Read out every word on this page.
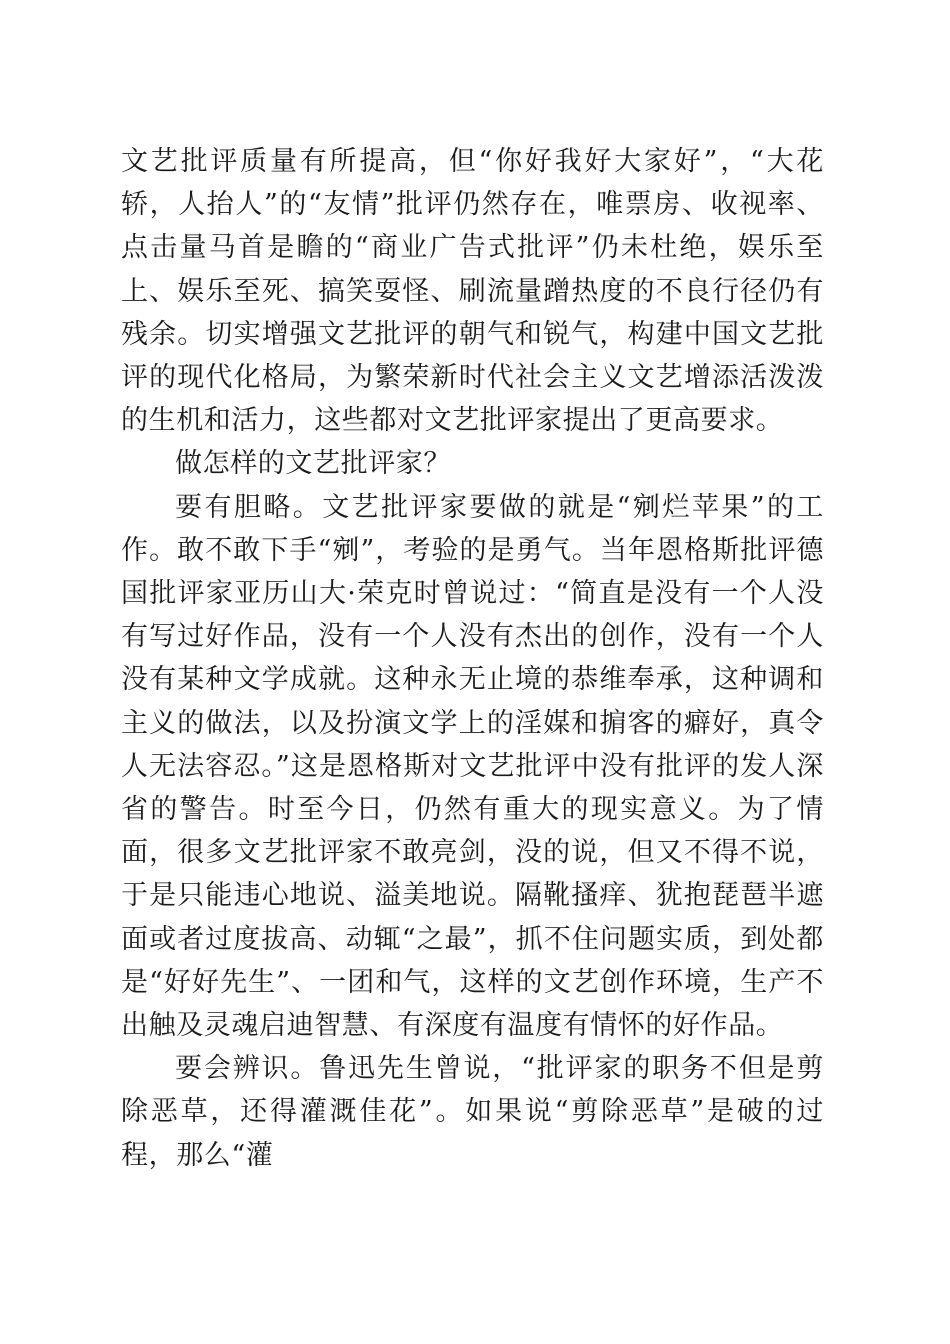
文艺批评质量有所提高，但“你好我好大家好”，“大花轿，人抬人”的“友情”批评仍然存在，唯票房、收视率、点击量马首是瞻的“商业广告式批评”仍未杜绝，娱乐至上、娱乐至死、搞笑耍怪、刷流量蹭热度的不良行径仍有残余。切实增强文艺批评的朝气和锐气，构建中国文艺批评的现代化格局，为繁荣新时代社会主义文艺增添活泼泼的生机和活力，这些都对文艺批评家提出了更高要求。

做怎样的文艺批评家？

要有胆略。文艺批评家要做的就是“剜烂苹果”的工作。敢不敢下手“剜”，考验的是勇气。当年恩格斯批评德国批评家亚历山大·荣克时曾说过：“简直是没有一个人没有写过好作品，没有一个人没有杰出的创作，没有一个人没有某种文学成就。这种永无止境的恭维奉承，这种调和主义的做法，以及扮演文学上的淫媒和掮客的癖好，真令人无法容忍。”这是恩格斯对文艺批评中没有批评的发人深省的警告。时至今日，仍然有重大的现实意义。为了情面，很多文艺批评家不敢亮剑，没的说，但又不得不说，于是只能违心地说、溢美地说。隔靴搔痒、犹抱琵琶半遮面或者过度拔高、动辄“之最”，抓不住问题实质，到处都是“好好先生”、一团和气，这样的文艺创作环境，生产不出触及灵魂启迪智慧、有深度有温度有情怀的好作品。

要会辨识。鲁迅先生曾说，“批评家的职务不但是剪除恶草，还得灌溉佳花”。如果说“剪除恶草”是破的过程，那么“灌
